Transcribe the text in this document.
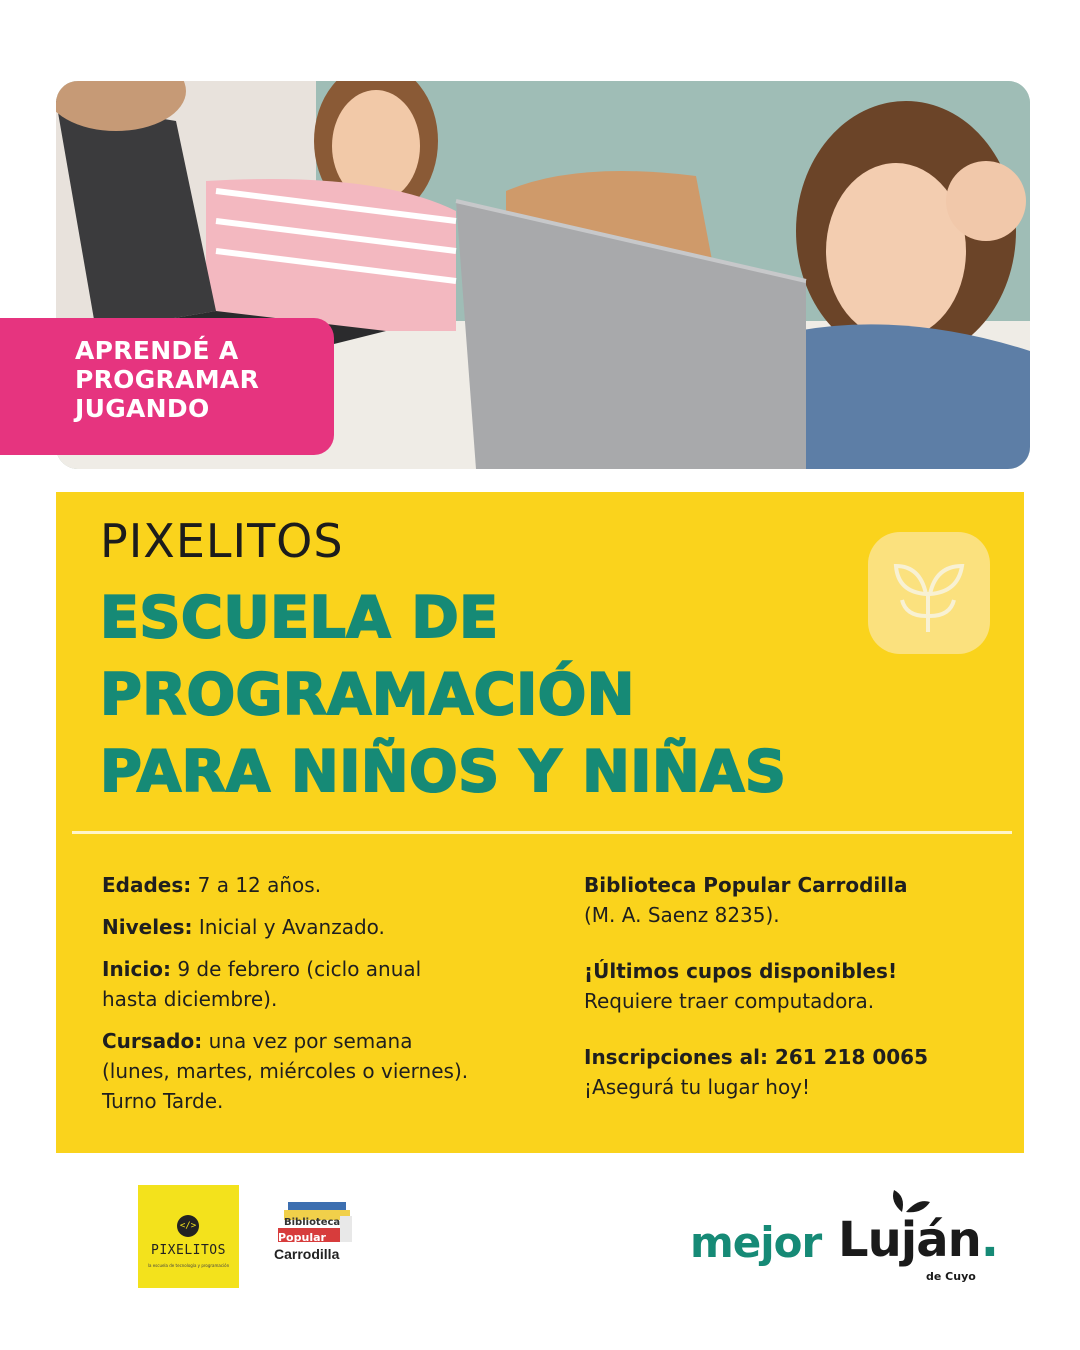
APRENDÉ A
PROGRAMAR
JUGANDO
PIXELITOS
ESCUELA DE
PROGRAMACIÓN
PARA NIÑOS Y NIÑAS
Edades: 7 a 12 años.
Niveles: Inicial y Avanzado.
Inicio: 9 de febrero (ciclo anual
hasta diciembre).
Cursado: una vez por semana
(lunes, martes, miércoles o viernes).
Turno Tarde.
Biblioteca Popular Carrodilla
(M. A. Saenz 8235).
¡Últimos cupos disponibles!
Requiere traer computadora.
Inscripciones al: 261 218 0065
¡Asegurá tu lugar hoy!
</>
PIXELITOS
la escuela de tecnología y programación
Biblioteca
Popular
Carrodilla	mejor Luján.
de Cuyo
